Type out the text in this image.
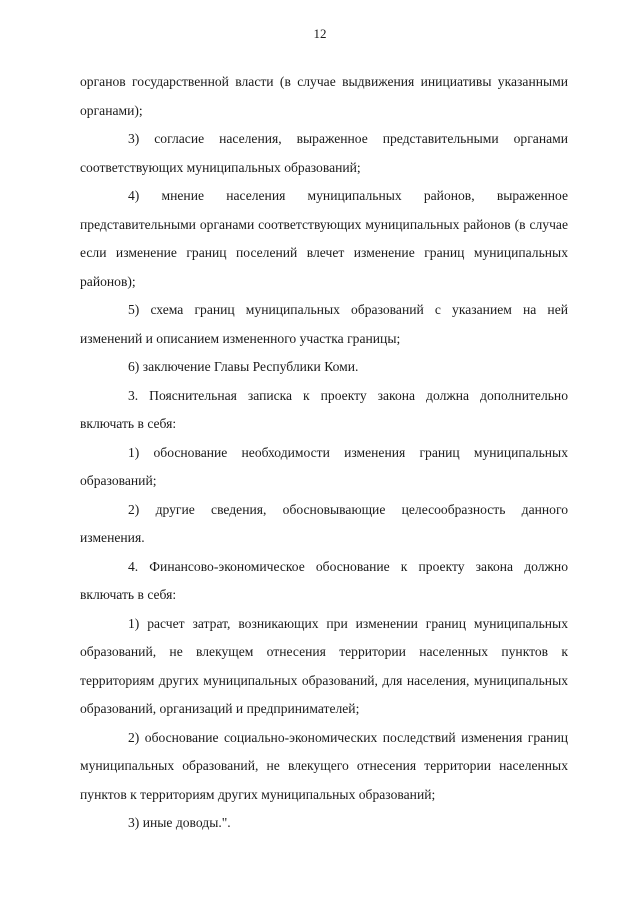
12

органов государственной власти (в случае выдвижения инициативы указанными органами);

3) согласие населения, выраженное представительными органами соответствующих муниципальных образований;

4) мнение населения муниципальных районов, выраженное представительными органами соответствующих муниципальных районов (в случае если изменение границ поселений влечет изменение границ муниципальных районов);

5) схема границ муниципальных образований с указанием на ней изменений и описанием измененного участка границы;

6) заключение Главы Республики Коми.

3. Пояснительная записка к проекту закона должна дополнительно включать в себя:

1) обоснование необходимости изменения границ муниципальных образований;

2) другие сведения, обосновывающие целесообразность данного изменения.

4. Финансово-экономическое обоснование к проекту закона должно включать в себя:

1) расчет затрат, возникающих при изменении границ муниципальных образований, не влекущем отнесения территории населенных пунктов к территориям других муниципальных образований, для населения, муниципальных образований, организаций и предпринимателей;

2) обоснование социально-экономических последствий изменения границ муниципальных образований, не влекущего отнесения территории населенных пунктов к территориям других муниципальных образований;

3) иные доводы.".
